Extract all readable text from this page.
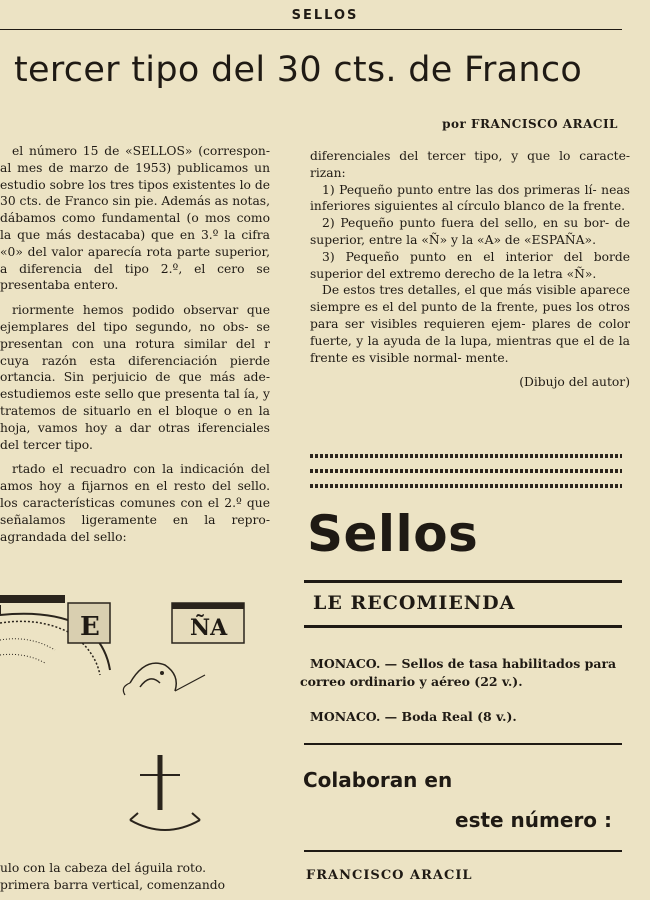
SELLOS
tercer tipo del 30 cts. de Franco
por FRANCISCO ARACIL

el número 15 de «SELLOS» (correspon- al mes de marzo de 1953) publicamos un estudio sobre los tres tipos existentes lo de 30 cts. de Franco sin pie. Además as notas, dábamos como fundamental (o mos como la que más destacaba) que en 3.º la cifra «0» del valor aparecía rota parte superior, a diferencia del tipo 2.º, el cero se presentaba entero.

riormente hemos podido observar que ejemplares del tipo segundo, no obs- se presentan con una rotura similar del r cuya razón esta diferenciación pierde ortancia. Sin perjuicio de que más ade- estudiemos este sello que presenta tal ía, y tratemos de situarlo en el bloque o en la hoja, vamos hoy a dar otras iferenciales del tercer tipo.

rtado el recuadro con la indicación del amos hoy a fijarnos en el resto del sello. los características comunes con el 2.º que señalamos ligeramente en la repro- agrandada del sello:

diferenciales del tercer tipo, y que lo caracte- rizan:

1) Pequeño punto entre las dos primeras lí- neas inferiores siguientes al círculo blanco de la frente.

2) Pequeño punto fuera del sello, en su bor- de superior, entre la «Ñ» y la «A» de «ESPAÑA».

3) Pequeño punto en el interior del borde superior del extremo derecho de la letra «Ñ».

De estos tres detalles, el que más visible aparece siempre es el del punto de la frente, pues los otros para ser visibles requieren ejem- plares de color fuerte, y la ayuda de la lupa, mientras que el de la frente es visible normal- mente.

(Dibujo del autor)

Sellos
LE RECOMIENDA
MONACO. — Sellos de tasa habilitados para
correo ordinario y aéreo (22 v.).
MONACO. — Boda Real (8 v.).
Colaboran en
este número :
FRANCISCO ARACIL
E	ÑA
ulo con la cabeza del águila roto.
primera barra vertical, comenzando
